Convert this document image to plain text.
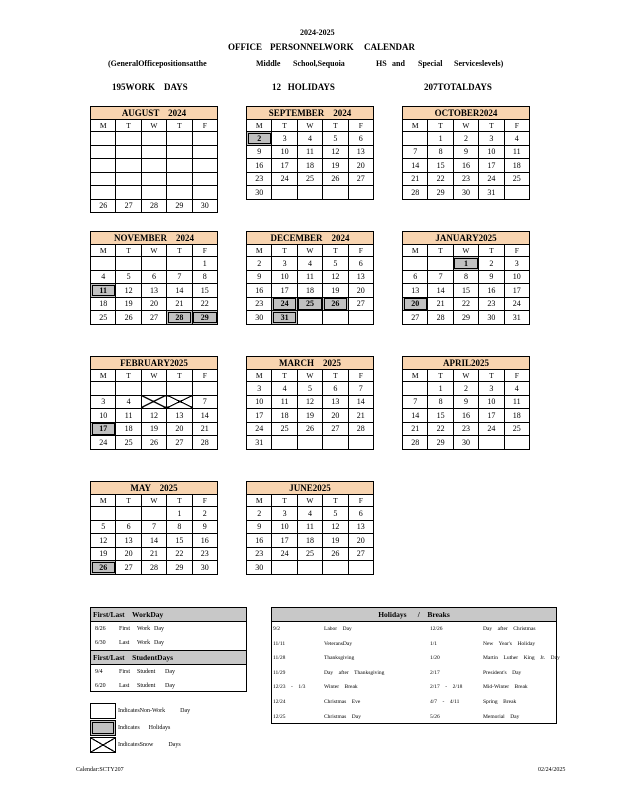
2024-2025
OFFICE PERSONNELWORK CALENDAR
(GeneralOfficepositionsatthe	Middle School,Sequoia	HS and Special Serviceslevels)
195WORK    DAYS	12   HOLIDAYS	207TOTALDAYS
AUGUST    2024				
M	T	W	T	F

26	27	28	29	30
SEPTEMBER    2024				
M	T	W	T	F
2	3	4	5	6
9	10	11	12	13
16	17	18	19	20
23	24	25	26	27
30				
OCTOBER2024				
M	T	W	T	F
	1	2	3	4
7	8	9	10	11
14	15	16	17	18
21	22	23	24	25
28	29	30	31	
NOVEMBER    2024				
M	T	W	T	F
				1
4	5	6	7	8
11	12	13	14	15
18	19	20	21	22
25	26	27	28	29
DECEMBER    2024				
M	T	W	T	F
2	3	4	5	6
9	10	11	12	13
16	17	18	19	20
23	24	25	26	27
30	31			
JANUARY2025				
M	T	W	T	F
		1	2	3
6	7	8	9	10
13	14	15	16	17
20	21	22	23	24
27	28	29	30	31
FEBRUARY2025				
M	T	W	T	F

3	4			7
10	11	12	13	14
17	18	19	20	21
24	25	26	27	28
MARCH    2025				
M	T	W	T	F
3	4	5	6	7
10	11	12	13	14
17	18	19	20	21
24	25	26	27	28
31				
APRIL2025				
M	T	W	T	F
	1	2	3	4
7	8	9	10	11
14	15	16	17	18
21	22	23	24	25
28	29	30		
MAY    2025				
M	T	W	T	F
			1	2
5	6	7	8	9
12	13	14	15	16
19	20	21	22	23
26	27	28	29	30
JUNE2025				
M	T	W	T	F
2	3	4	5	6
9	10	11	12	13
16	17	18	19	20
23	24	25	26	27
30				
First/Last    WorkDay
8/26 First Work Day
6/30 Last Work Day
First/Last    StudentDays
9/4	First Student Day
6/20 Last Student Day
Holidays      /    Breaks
9/2	Labor    Day	12/26	Day    after    Christmas
11/11	VeteransDay	1/1	New    Year's    Holiday
11/28	Thanksgiving	1/20	Martin    Luther    King    Jr.    Day
11/29	Day    after    Thanksgiving	2/17	President's    Day
12/23    -    1/3	Winter    Break	2/17    -    2/18	Mid-Winter    Break
12/24	Christmas    Eve	4/7    -    4/11	Spring    Break
12/25	Christmas    Day	5/26	Memorial    Day
IndicatesNon-Work          Day
Indicates      Holidays
IndicatesSnow          Days
Calendar:SCTY207	02/24/2025
